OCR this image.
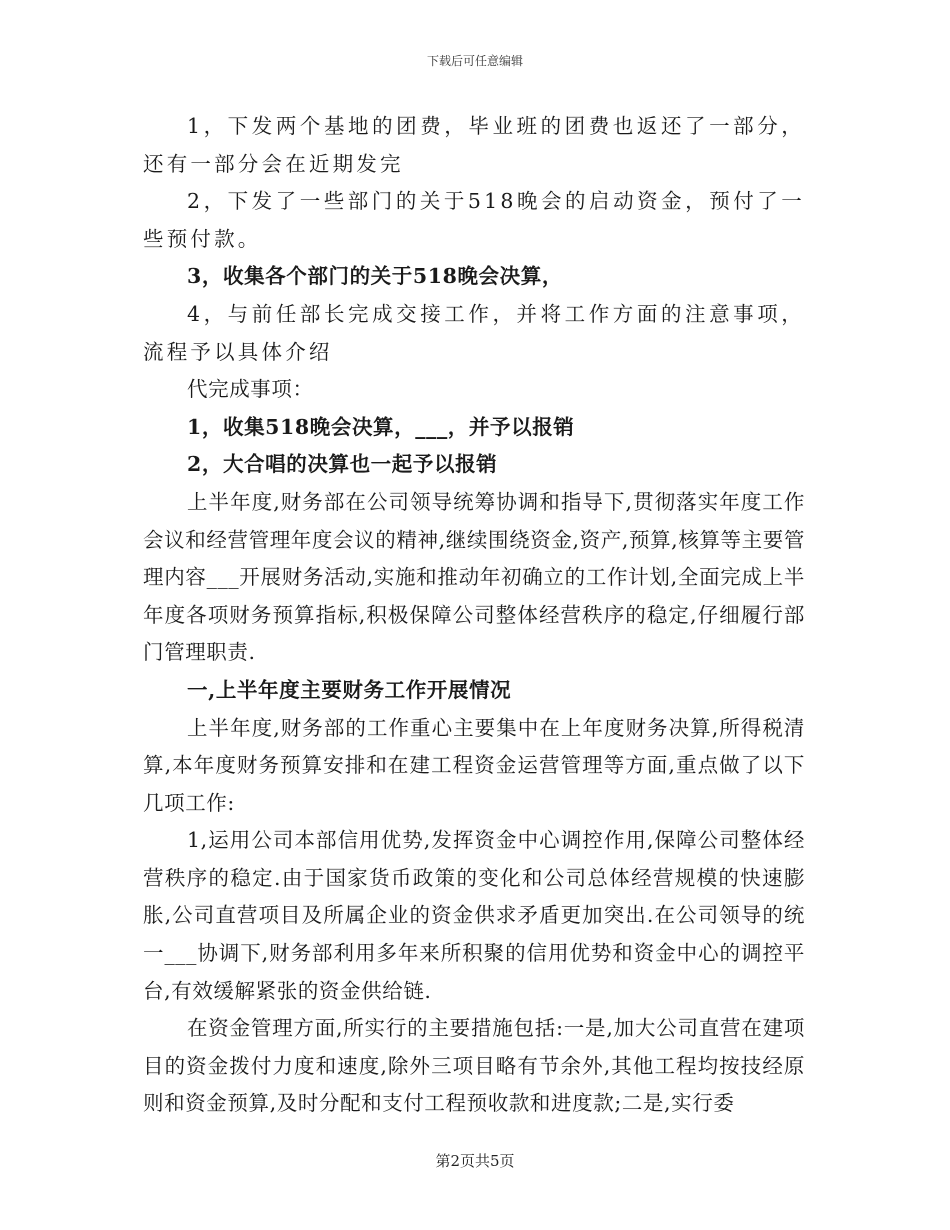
下载后可任意编辑

1，下发两个基地的团费，毕业班的团费也返还了一部分，还有一部分会在近期发完

2，下发了一些部门的关于518晚会的启动资金，预付了一些预付款。

3，收集各个部门的关于518晚会决算，

4，与前任部长完成交接工作，并将工作方面的注意事项，流程予以具体介绍

代完成事项：

1，收集518晚会决算，___，并予以报销

2，大合唱的决算也一起予以报销

上半年度,财务部在公司领导统筹协调和指导下,贯彻落实年度工作会议和经营管理年度会议的精神,继续围绕资金,资产,预算,核算等主要管理内容___开展财务活动,实施和推动年初确立的工作计划,全面完成上半年度各项财务预算指标,积极保障公司整体经营秩序的稳定,仔细履行部门管理职责.

一,上半年度主要财务工作开展情况

上半年度,财务部的工作重心主要集中在上年度财务决算,所得税清算,本年度财务预算安排和在建工程资金运营管理等方面,重点做了以下几项工作:

1,运用公司本部信用优势,发挥资金中心调控作用,保障公司整体经营秩序的稳定.由于国家货币政策的变化和公司总体经营规模的快速膨胀,公司直营项目及所属企业的资金供求矛盾更加突出.在公司领导的统一___协调下,财务部利用多年来所积聚的信用优势和资金中心的调控平台,有效缓解紧张的资金供给链.

在资金管理方面,所实行的主要措施包括:一是,加大公司直营在建项目的资金拨付力度和速度,除外三项目略有节余外,其他工程均按技经原则和资金预算,及时分配和支付工程预收款和进度款;二是,实行委

第2页共5页
